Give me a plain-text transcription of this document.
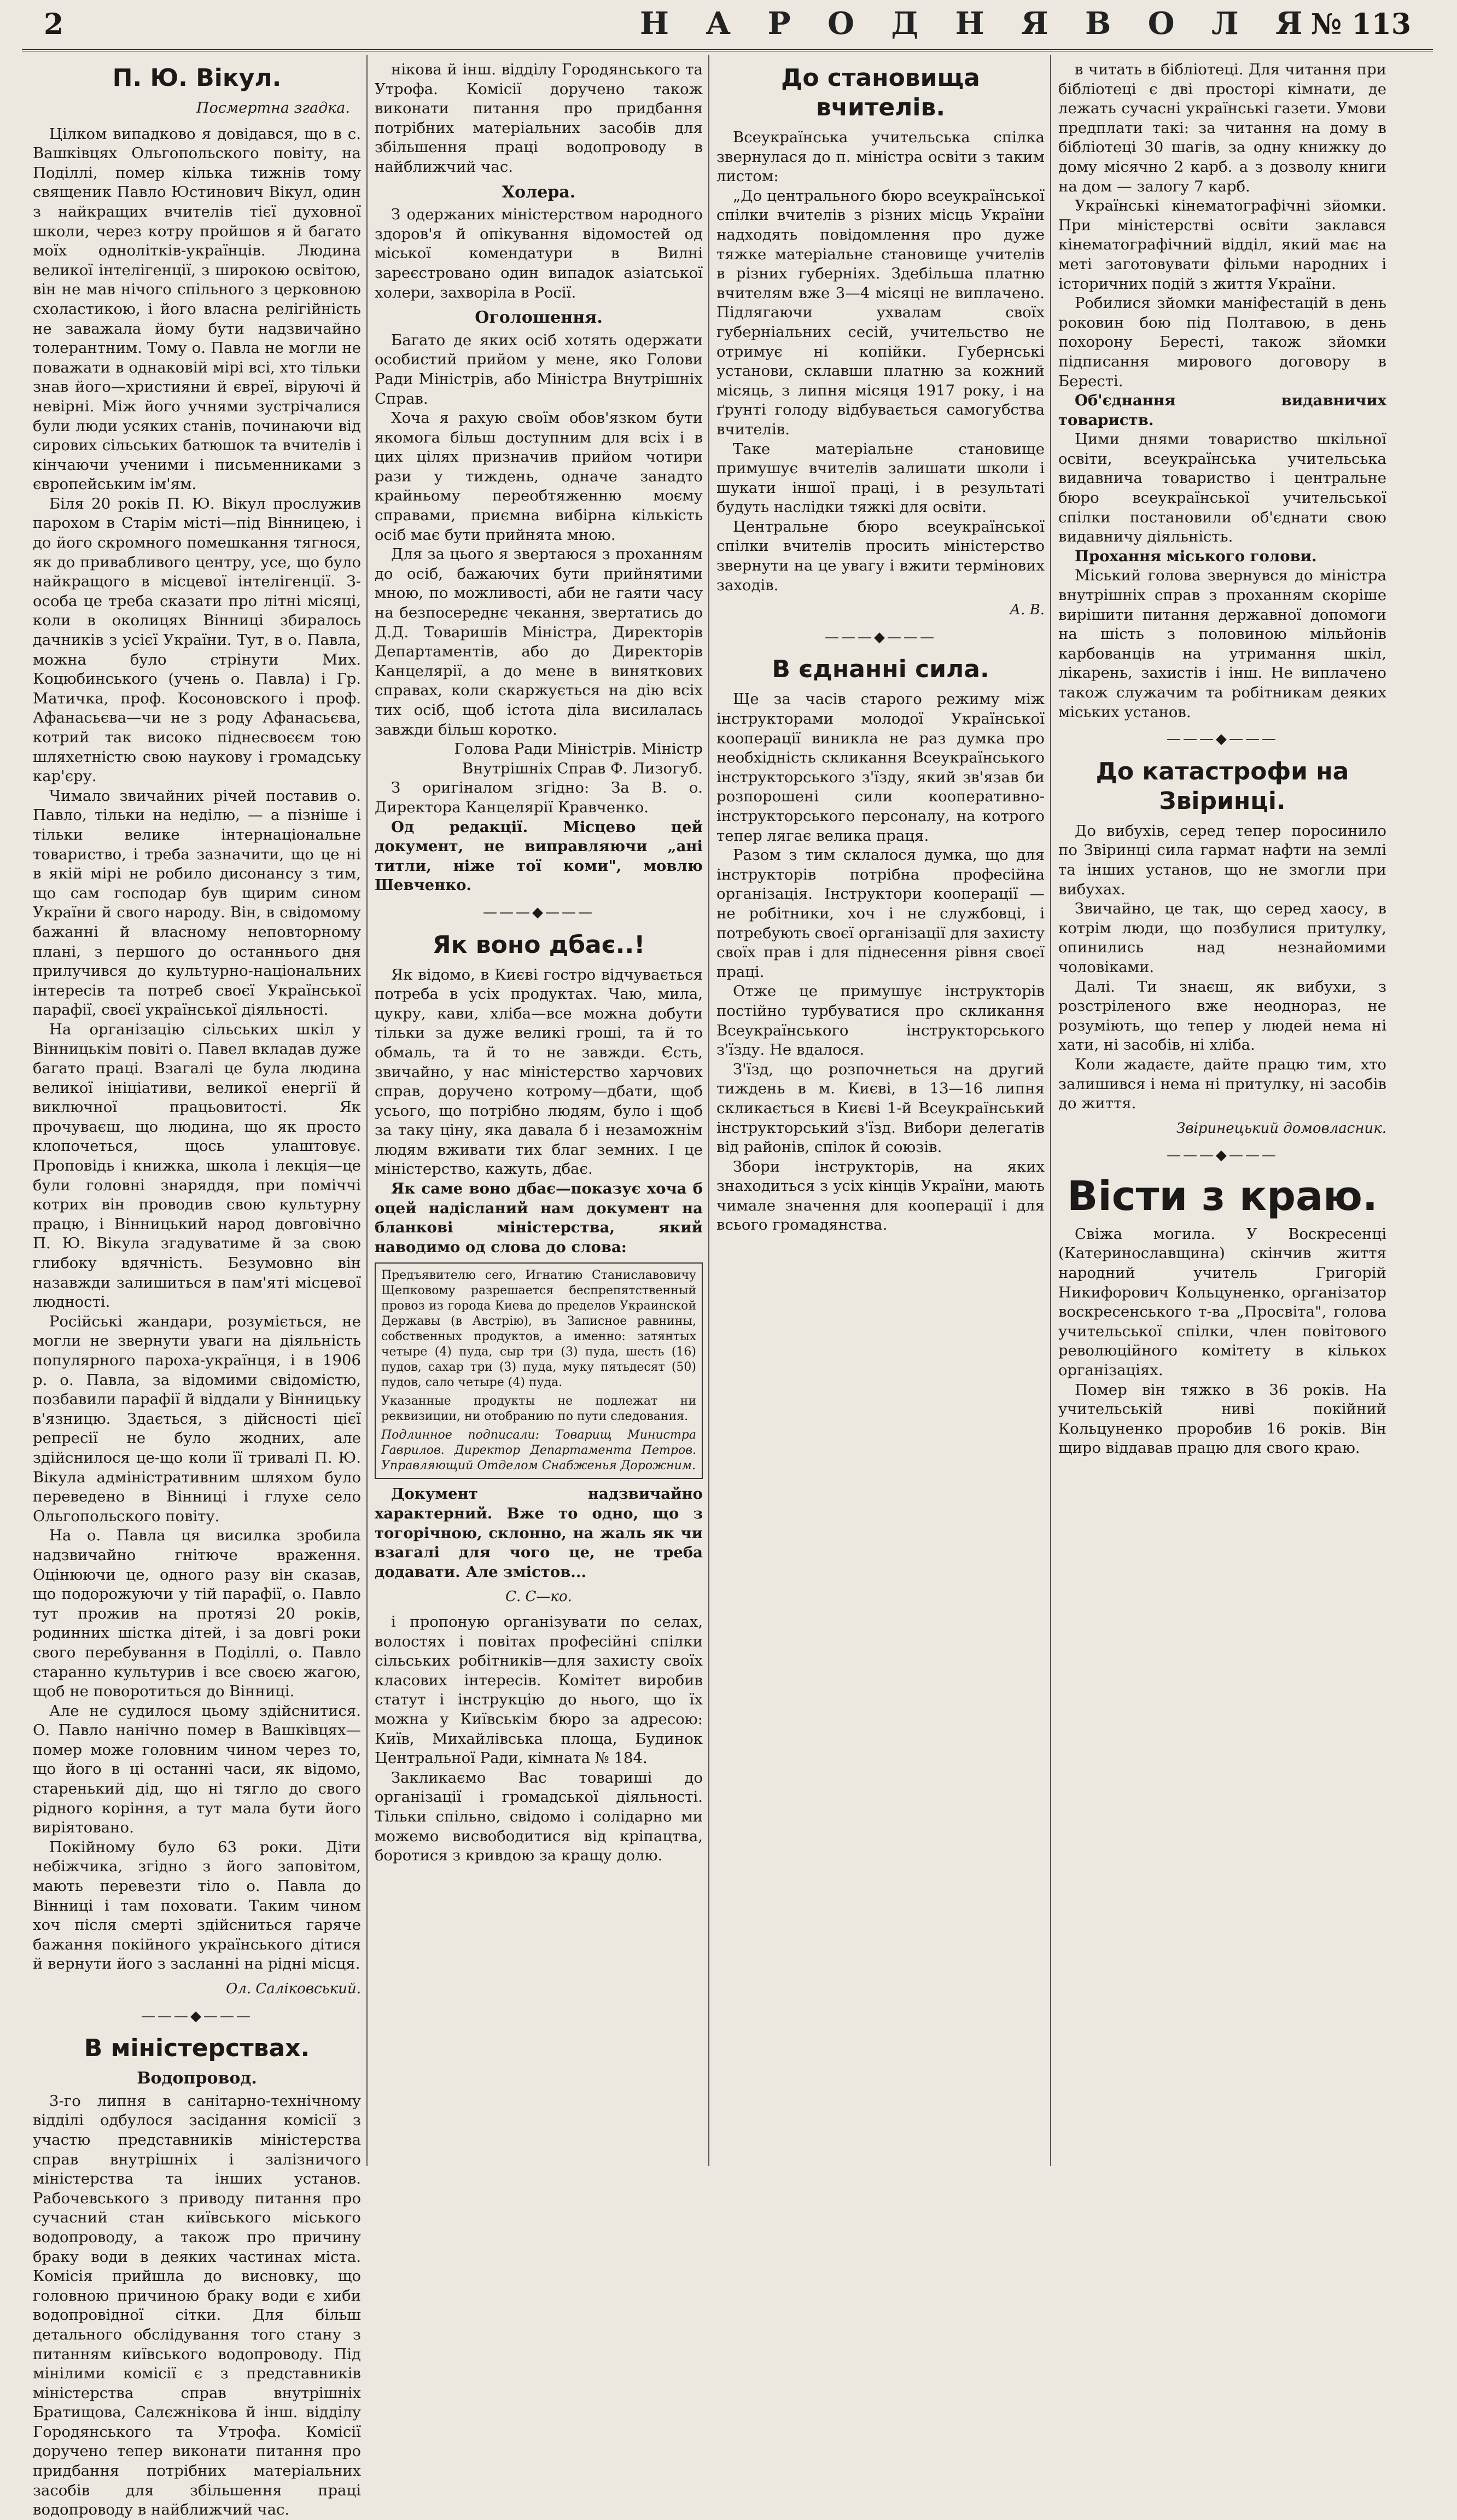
2	Н А Р О Д Н Я В О Л Я
№ 113
П. Ю. Вікул.
Посмертна згадка.

Цілком випадково я довідався, що в с. Вашківцях Ольгопольского повіту, на Поділлі, помер кілька тижнів тому священик Павло Юстинович Вікул, один з найкращих вчителів тієї духовної школи, через котру пройшов я й багато моїх однолітків-українців. Людина великої інтелігенції, з широкою освітою, він не мав нічого спільного з церковною схоластикою, і його власна релігійність не заважала йому бути надзвичайно толерантним. Тому о. Павла не могли не поважати в однаковій мірі всі, хто тільки знав його—християни й євреї, віруючі й невірні. Між його учнями зустрічалися були люди усяких станів, починаючи від сирових сільських батюшок та вчителів і кінчаючи ученими і письменниками з європейським ім'ям.

Біля 20 років П. Ю. Вікул прослужив парохом в Старім місті—під Вінницею, і до його скромного помешкання тягнося, як до привабливого центру, усе, що було найкращого в місцевої інтелігенції. З-особа це треба сказати про літні місяці, коли в околицях Вінниці збиралось дачників з усієї України. Тут, в о. Павла, можна було стрінути Мих. Коцюбинського (учень о. Павла) і Гр. Матичка, проф. Косоновского і проф. Афанасьєва—чи не з роду Афанасьєва, котрий так високо піднесвоєєм тою шляхетністю свою наукову і громадську кар'єру.

Чимало звичайних річей поставив о. Павло, тільки на неділю, — а пізніше і тільки велике інтернаціональне товариство, і треба зазначити, що це ні в якій мірі не робило дисонансу з тим, що сам господар був щирим сином України й свого народу. Він, в свідомому бажанні й власному неповторному плані, з першого до останнього дня прилучився до культурно-національних інтересів та потреб своєї Української парафії, своєї української діяльності.

На організацію сільських шкіл у Вінницькім повіті о. Павел вкладав дуже багато праці. Взагалі це була людина великої ініціативи, великої енергії й виключної працьовитості. Як прочуваєш, що людина, що як просто клопочеться, щось улаштовує. Проповідь і книжка, школа і лекція—це були головні знаряддя, при поміччі котрих він проводив свою культурну працю, і Вінницький народ довговічно П. Ю. Вікула згадуватиме й за свою глибоку вдячність. Безумовно він назавжди залишиться в пам'яті місцевої людності.

Російські жандари, розуміється, не могли не звернути уваги на діяльність популярного пароха-українця, і в 1906 р. о. Павла, за відомими свідомістю, позбавили парафії й віддали у Вінницьку в'язницю. Здається, з дійсності цієї репресії не було жодних, але здійснилося це-що коли її тривалі П. Ю. Вікула адміністративним шляхом було переведено в Вінниці і глухе село Ольгопольского повіту.

На о. Павла ця висилка зробила надзвичайно гнітюче враження. Оцінюючи це, одного разу він сказав, що подорожуючи у тій парафії, о. Павло тут прожив на протязі 20 років, родинних шістка дітей, і за довгі роки свого перебування в Поділлі, о. Павло старанно культурив і все своєю жагою, щоб не поворотиться до Вінниці.

Але не судилося цьому здійснитися. О. Павло нанічно помер в Вашківцях—помер може головним чином через то, що його в ці останні часи, як відомо, старенький дід, що ні тягло до свого рідного коріння, а тут мала бути його виріятовано.

Покійному було 63 роки. Діти небіжчика, згідно з його заповітом, мають перевезти тіло о. Павла до Вінниці і там поховати. Таким чином хоч після смерті здійсниться гаряче бажання покійного українського дітися й вернути його з засланні на рідні місця.

Ол. Саліковський.
———◆———
В міністерствах.
Водопровод.

3-го липня в санітарно-технічному відділі одбулося засідання комісії з участю представників міністерства справ внутрішніх і залізничого міністерства та інших установ. Рабочевського з приводу питання про сучасний стан київського міського водопроводу, а також про причину браку води в деяких частинах міста. Комісія прийшла до висновку, що головною причиною браку води є хиби водопровідної сітки. Для більш детального обслідування того стану з питанням київського водопроводу. Під мінілими комісії є з представників міністерства справ внутрішніх Братищова, Салєжнікова й інш. відділу Городянського та Утрофа. Комісії доручено тепер виконати питання про придбання потрібних матеріальних засобів для збільшення праці водопроводу в найближчий час.

нікова й інш. відділу Городянського та Утрофа. Комісії доручено також виконати питання про придбання потрібних матеріальних засобів для збільшення праці водопроводу в найближчий час.

Холера.

З одержаних міністерством народного здоров'я й опікування відомостей од міської комендатури в Вилні зареєстровано один випадок азіатської холери, захворіла в Росії.

Оголошення.

Багато де яких осіб хотять одержати особистий прийом у мене, яко Голови Ради Міністрів, або Міністра Внутрішніх Справ.

Хоча я рахую своїм обов'язком бути якомога більш доступним для всіх і в цих цілях призначив прийом чотири рази у тиждень, одначе занадто крайньому переобтяженню моєму справами, приємна вибірна кількість осіб має бути прийнята мною.

Для за цього я звертаюся з проханням до осіб, бажаючих бути прийнятими мною, по можливості, аби не гаяти часу на безпосереднє чекання, звертатись до Д.Д. Товаришів Міністра, Директорів Департаментів, або до Директорів Канцелярії, а до мене в виняткових справах, коли скаржується на дію всіх тих осіб, щоб істота діла висилалась завжди більш коротко.

Голова Ради Міністрів. Міністр Внутрішніх Справ Ф. Лизогуб.

З оригіналом згідно: За В. о. Директора Канцелярії Кравченко.

Од редакції. Місцево цей документ, не виправляючи „ані титли, ніже тої коми", мовлю Шевченко.

———◆———
Як воно дбає..!

Як відомо, в Києві гостро відчувається потреба в усіх продуктах. Чаю, мила, цукру, кави, хліба—все можна добути тільки за дуже великі гроші, та й то обмаль, та й то не завжди. Єсть, звичайно, у нас міністерство харчових справ, доручено котрому—дбати, щоб усього, що потрібно людям, було і щоб за таку ціну, яка давала б і незаможнім людям вживати тих благ земних. І це міністерство, кажуть, дбає.

Як саме воно дбає—показує хоча б оцей надісланий нам документ на бланкові міністерства, який наводимо од слова до слова:

Предъявителю сего, Игнатию Станиславовичу Щепковому разрешается беспрепятственный провоз из города Киева до пределов Украинской Державы (в Австрію), въ Записное равнины, собственных продуктов, а именно: затянтых четыре (4) пуда, сыр три (3) пуда, шесть (16) пудов, сахар три (3) пуда, муку пятьдесят (50) пудов, сало четыре (4) пуда.
Указанные продукты не подлежат ни реквизиции, ни отобранию по пути следования.
Подлинное подписали: Товарищ Министра Гаврилов. Директор Департамента Петров. Управляющий Отделом Снабженья Дорожним.

Документ надзвичайно характерний. Вже то одно, що з тогорічною, склонно, на жаль як чи взагалі для чого це, не треба додавати. Але змістов...

С. С—ко.

і пропоную організувати по селах, волостях і повітах професійні спілки сільських робітників—для захисту своїх класових інтересів. Комітет виробив статут і інструкцію до нього, що їх можна у Київськім бюро за адресою: Київ, Михайлівська площа, Будинок Центральної Ради, кімната № 184.

Закликаємо Вас товариші до організації і громадської діяльності. Тільки спільно, свідомо і солідарно ми можемо висвободитися від кріпацтва, боротися з кривдою за кращу долю.

До становища вчителів.

Всеукраїнська учительська спілка звернулася до п. міністра освіти з таким листом:

„До центрального бюро всеукраїнської спілки вчителів з різних місць України надходять повідомлення про дуже тяжке матеріальне становище учителів в різних губерніях. Здебільша платню вчителям вже 3—4 місяці не виплачено. Підлягаючи ухвалам своїх губерніальних сесій, учительство не отримує ні копійки. Губернські установи, склавши платню за кожний місяць, з липня місяця 1917 року, і на ґрунті голоду відбувається самогубства вчителів.

Таке матеріальне становище примушує вчителів залишати школи і шукати іншої праці, і в результаті будуть наслідки тяжкі для освіти.

Центральне бюро всеукраїнської спілки вчителів просить міністерство звернути на це увагу і вжити термінових заходів.

А. В.
———◆———
В єднанні сила.

Ще за часів старого режиму між інструкторами молодої Української кооперації виникла не раз думка про необхідність скликання Всеукраїнського інструкторського з'їзду, який зв'язав би розпорошені сили кооперативно-інструкторського персоналу, на котрого тепер лягає велика праця.

Разом з тим склалося думка, що для інструкторів потрібна професійна організація. Інструктори кооперації — не робітники, хоч і не службовці, і потребують своєї організації для захисту своїх прав і для піднесення рівня своєї праці.

Отже це примушує інструкторів постійно турбуватися про скликання Всеукраїнського інструкторського з'їзду. Не вдалося.

З'їзд, що розпочнеться на другий тиждень в м. Києві, в 13—16 липня скликається в Києві 1-й Всеукраїнський інструкторський з'їзд. Вибори делегатів від районів, спілок й союзів.

Збори інструкторів, на яких знаходиться з усіх кінців України, мають чимале значення для кооперації і для всього громадянства.

в читать в бібліотеці. Для читання при бібліотеці є дві просторі кімнати, де лежать сучасні українські газети. Умови предплати такі: за читання на дому в бібліотеці 30 шагів, за одну книжку до дому місячно 2 карб. а з дозволу книги на дом — залогу 7 карб.

Українські кінематографічні зйомки. При міністерстві освіти заклався кінематографічний відділ, який має на меті заготовувати фільми народних і історичних подій з життя України.

Робилися зйомки маніфестацій в день роковин бою під Полтавою, в день похорону Бересті, також зйомки підписання мирового договору в Бересті.

Об'єднання видавничих товариств.

Цими днями товариство шкільної освіти, всеукраїнська учительська видавнича товариство і центральне бюро всеукраїнської учительської спілки постановили об'єднати свою видавничу діяльність.

Прохання міського голови.

Міський голова звернувся до міністра внутрішніх справ з проханням скоріше вирішити питання державної допомоги на шість з половиною мільйонів карбованців на утримання шкіл, лікарень, захистів і інш. Не виплачено також служачим та робітникам деяких міських установ.

———◆———
До катастрофи на Звіринці.

До вибухів, серед тепер поросинило по Звіринці сила гармат нафти на землі та інших установ, що не змогли при вибухах.

Звичайно, це так, що серед хаосу, в котрім люди, що позбулися притулку, опинились над незнайомими чоловіками.

Далі. Ти знаєш, як вибухи, з розстріленого вже неоднораз, не розуміють, що тепер у людей нема ні хати, ні засобів, ні хліба.

Коли жадаєте, дайте працю тим, хто залишився і нема ні притулку, ні засобів до життя.

Звіринецький домовласник.
———◆———
Вісти з краю.

Свіжа могила. У Воскресенці (Катеринославщина) скінчив життя народний учитель Григорій Никифорович Кольцуненко, організатор воскресенського т-ва „Просвіта", голова учительської спілки, член повітового революційного комітету в кількох організаціях.

Помер він тяжко в 36 років. На учительській ниві покійний Кольцуненко проробив 16 років. Він щиро віддавав працю для свого краю.
